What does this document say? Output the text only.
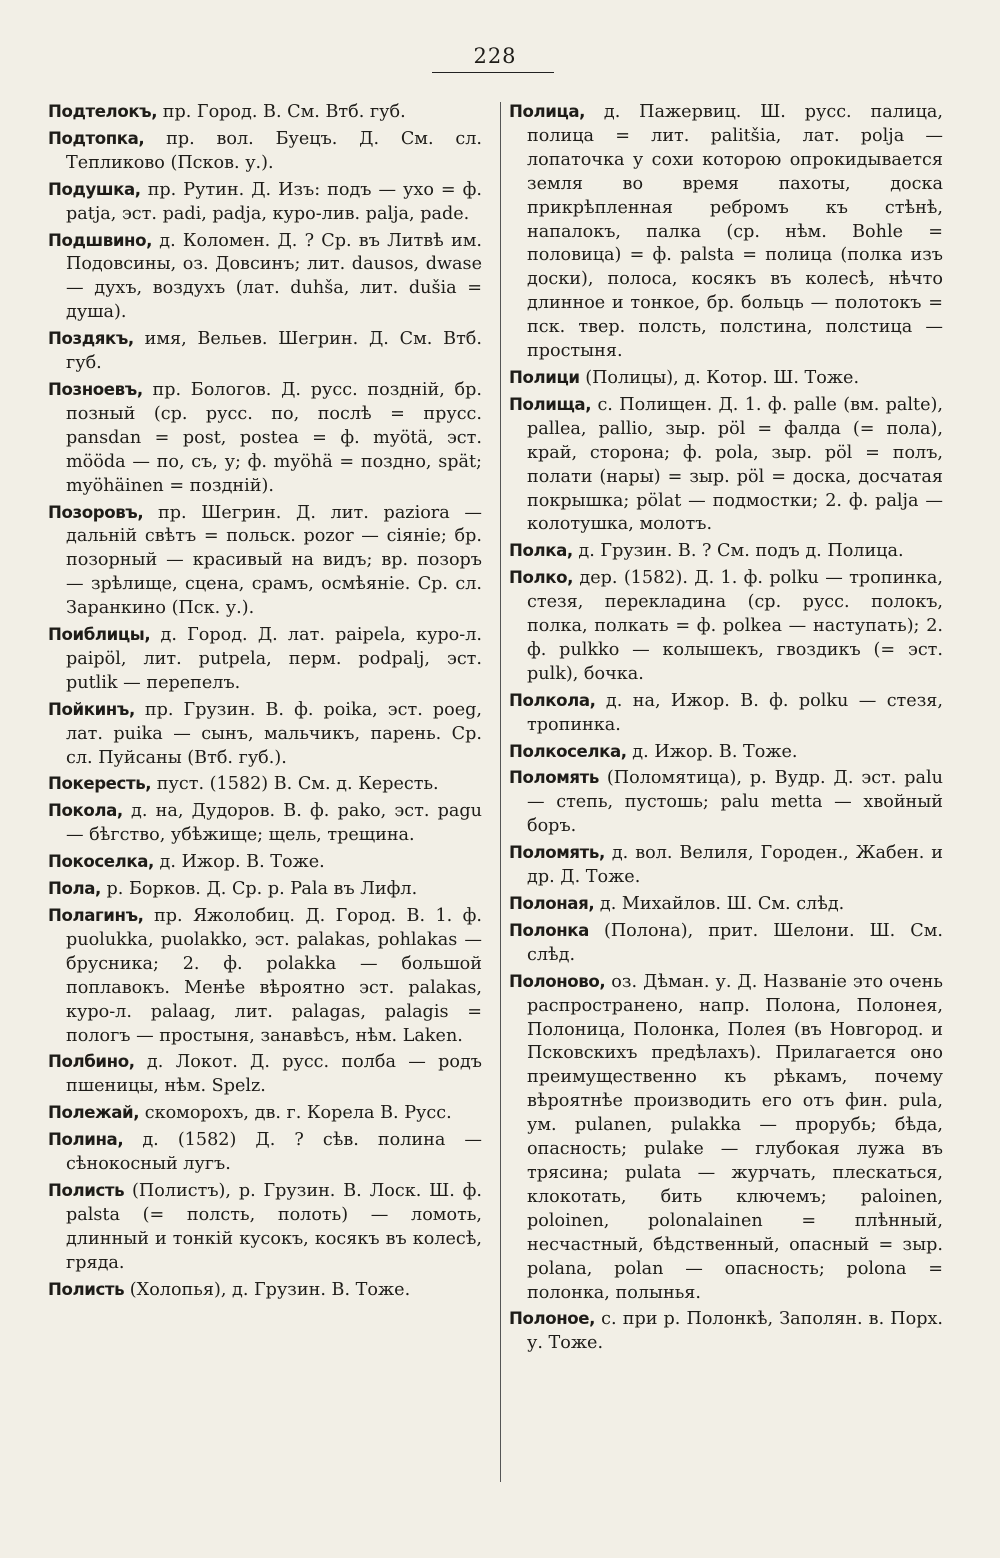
228

Подтелокъ, пр. Город. В. См. Втб. губ.

Подтопка, пр. вол. Буецъ. Д. См. сл. Тепликово (Псков. у.).

Подушка, пр. Рутин. Д. Изъ: подъ — ухо = ф. patja, эст. padi, padja, куро-лив. palja, pade.

Подшвино, д. Коломен. Д. ? Ср. въ Литвѣ им. Подовсины, оз. Довсинъ; лит. dausos, dwase — духъ, воздухъ (лат. duhša, лит. dušia = душа).

Поздякъ, имя, Вельев. Шегрин. Д. См. Втб. губ.

Позноевъ, пр. Бологов. Д. русс. поздній, бр. позный (ср. русс. по, послѣ = прусс. pansdan = post, postea = ф. myötä, эст. mööda — по, съ, у; ф. myöhä = поздно, spät; myöhäinen = поздній).

Позоровъ, пр. Шегрин. Д. лит. paziora — дальній свѣтъ = польск. pozor — сіяніе; бр. позорный — красивый на видъ; вр. позоръ — зрѣлище, сцена, срамъ, осмѣяніе. Ср. сл. Заранкино (Пск. у.).

Поиблицы, д. Город. Д. лат. paipela, куро-л. paipöl, лит. putpela, перм. podpalj, эст. putlik — перепелъ.

Пойкинъ, пр. Грузин. В. ф. poika, эст. poeg, лат. puika — сынъ, мальчикъ, парень. Ср. сл. Пуйсаны (Втб. губ.).

Покересть, пуст. (1582) В. См. д. Кересть.

Покола, д. на, Дудоров. В. ф. pako, эст. pagu — бѣгство, убѣжище; щель, трещина.

Покоселка, д. Ижор. В. Тоже.

Пола, р. Борков. Д. Ср. р. Pala въ Лифл.

Полагинъ, пр. Яжолобиц. Д. Город. В. 1. ф. puolukka, puolakko, эст. palakas, pohlakas — брусника; 2. ф. polakka — большой поплавокъ. Менѣе вѣроятно эст. palakas, куро-л. palaag, лит. palagas, palagis = пологъ — простыня, занавѣсъ, нѣм. Laken.

Полбино, д. Локот. Д. русс. полба — родъ пшеницы, нѣм. Spelz.

Полежай, скоморохъ, дв. г. Корела В. Русс.

Полина, д. (1582) Д. ? сѣв. полина — сѣнокосный лугъ.

Полисть (Полистъ), р. Грузин. В. Лоск. Ш. ф. palsta (= полсть, полоть) — ломоть, длинный и тонкій кусокъ, косякъ въ колесѣ, гряда.

Полисть (Холопья), д. Грузин. В. Тоже.

Полица, д. Пажервиц. Ш. русс. палица, полица = лит. palitšia, лат. polja — лопаточка у сохи которою опрокидывается земля во время пахоты, доска прикрѣпленная ребромъ къ стѣнѣ, напалокъ, палка (ср. нѣм. Bohle = половица) = ф. palsta = полица (полка изъ доски), полоса, косякъ въ колесѣ, нѣчто длинное и тонкое, бр. больць — полотокъ = пск. твер. полсть, полстина, полстица — простыня.

Полици (Полицы), д. Котор. Ш. Тоже.

Полища, с. Полищен. Д. 1. ф. palle (вм. palte), pallea, pallio, зыр. pöl = фалда (= пола), край, сторона; ф. pola, зыр. pöl = полъ, полати (нары) = зыр. pöl = доска, досчатая покрышка; pölat — подмостки; 2. ф. palja — колотушка, молотъ.

Полка, д. Грузин. В. ? См. подъ д. Полица.

Полко, дер. (1582). Д. 1. ф. polku — тропинка, стезя, перекладина (ср. русс. полокъ, полка, полкать = ф. polkea — наступать); 2. ф. pulkko — колышекъ, гвоздикъ (= эст. pulk), бочка.

Полкола, д. на, Ижор. В. ф. polku — стезя, тропинка.

Полкоселка, д. Ижор. В. Тоже.

Поломять (Поломятица), р. Вудр. Д. эст. palu — степь, пустошь; palu metta — хвойный боръ.

Поломять, д. вол. Велиля, Городен., Жабен. и др. Д. Тоже.

Полоная, д. Михайлов. Ш. См. слѣд.

Полонка (Полона), прит. Шелони. Ш. См. слѣд.

Полоново, оз. Дѣман. у. Д. Названіе это очень распространено, напр. Полона, Полонея, Полоница, Полонка, Полея (въ Новгород. и Псковскихъ предѣлахъ). Прилагается оно преимущественно къ рѣкамъ, почему вѣроятнѣе производить его отъ фин. pula, ум. pulanen, pulakka — прорубь; бѣда, опасность; pulake — глубокая лужа въ трясина; pulata — журчать, плескаться, клокотать, бить ключемъ; paloinen, poloinen, polonalainen = плѣнный, несчастный, бѣдственный, опасный = зыр. polana, polan — опасность; polona = полонка, полынья.

Полоное, с. при р. Полонкѣ, Заполян. в. Порх. у. Тоже.
